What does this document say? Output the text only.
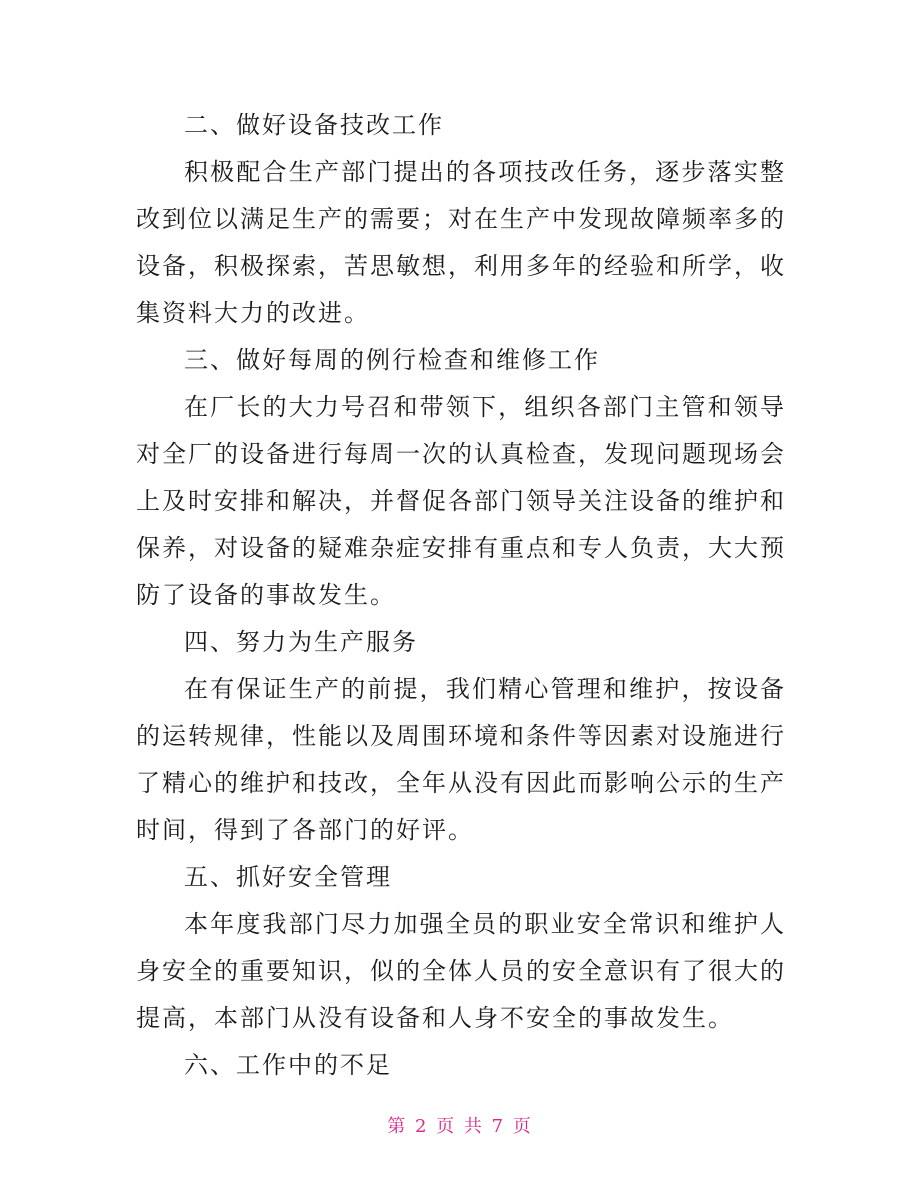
二、做好设备技改工作

积极配合生产部门提出的各项技改任务，逐步落实整改到位以满足生产的需要；对在生产中发现故障频率多的设备，积极探索，苦思敏想，利用多年的经验和所学，收集资料大力的改进。

三、做好每周的例行检查和维修工作

在厂长的大力号召和带领下，组织各部门主管和领导对全厂的设备进行每周一次的认真检查，发现问题现场会上及时安排和解决，并督促各部门领导关注设备的维护和保养，对设备的疑难杂症安排有重点和专人负责，大大预防了设备的事故发生。

四、努力为生产服务

在有保证生产的前提，我们精心管理和维护，按设备的运转规律，性能以及周围环境和条件等因素对设施进行了精心的维护和技改，全年从没有因此而影响公示的生产时间，得到了各部门的好评。

五、抓好安全管理

本年度我部门尽力加强全员的职业安全常识和维护人身安全的重要知识，似的全体人员的安全意识有了很大的提高，本部门从没有设备和人身不安全的事故发生。

六、工作中的不足

第 2 页 共 7 页
